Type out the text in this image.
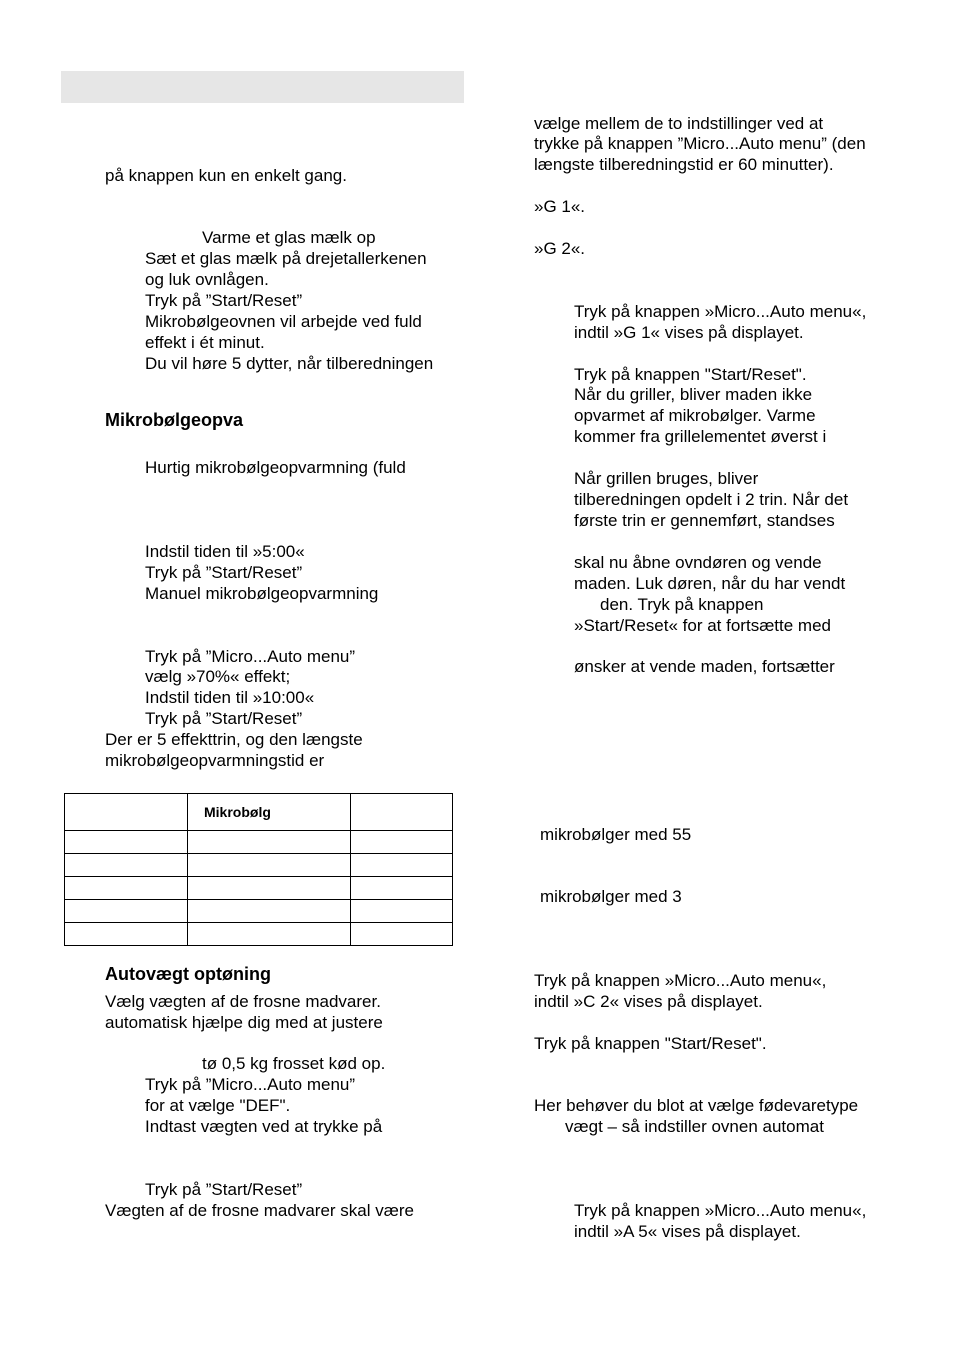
på knappen kun en enkelt gang.
Varme et glas mælk op
Sæt et glas mælk på drejetallerkenen
og luk ovnlågen.
Tryk på ”Start/Reset”
Mikrobølgeovnen vil arbejde ved fuld
effekt i ét minut.
Du vil høre 5 dytter, når tilberedningen
Mikrobølgeopva
Hurtig mikrobølgeopvarmning (fuld
Indstil tiden til »5:00«
Tryk på ”Start/Reset”
Manuel mikrobølgeopvarmning
Tryk på ”Micro...Auto menu”
vælg »70%« effekt;
Indstil tiden til »10:00«
Tryk på ”Start/Reset”
Der er 5 effekttrin, og den længste
mikrobølgeopvarmningstid er

	Mikrobølg	

Autovægt optøning
Vælg vægten af de frosne madvarer.
automatisk hjælpe dig med at justere
tø 0,5 kg frosset kød op.
Tryk på ”Micro...Auto menu”
for at vælge "DEF".
Indtast vægten ved at trykke på
Tryk på ”Start/Reset”
Vægten af de frosne madvarer skal være
vælge mellem de to indstillinger ved at
trykke på knappen ”Micro...Auto menu” (den
længste tilberedningstid er 60 minutter).
»G 1«.
»G 2«.
Tryk på knappen »Micro...Auto menu«,
indtil »G 1« vises på displayet.
Tryk på knappen "Start/Reset".
Når du griller, bliver maden ikke
opvarmet af mikrobølger. Varme
kommer fra grillelementet øverst i
Når grillen bruges, bliver
tilberedningen opdelt i 2 trin. Når det
første trin er gennemført, standses
skal nu åbne ovndøren og vende
maden. Luk døren, når du har vendt
den. Tryk på knappen
»Start/Reset« for at fortsætte med
ønsker at vende maden, fortsætter
mikrobølger med 55
mikrobølger med 3
Tryk på knappen »Micro...Auto menu«,
indtil »C 2« vises på displayet.
Tryk på knappen "Start/Reset".
Her behøver du blot at vælge fødevaretype
vægt – så indstiller ovnen automat
Tryk på knappen »Micro...Auto menu«,
indtil »A 5« vises på displayet.
